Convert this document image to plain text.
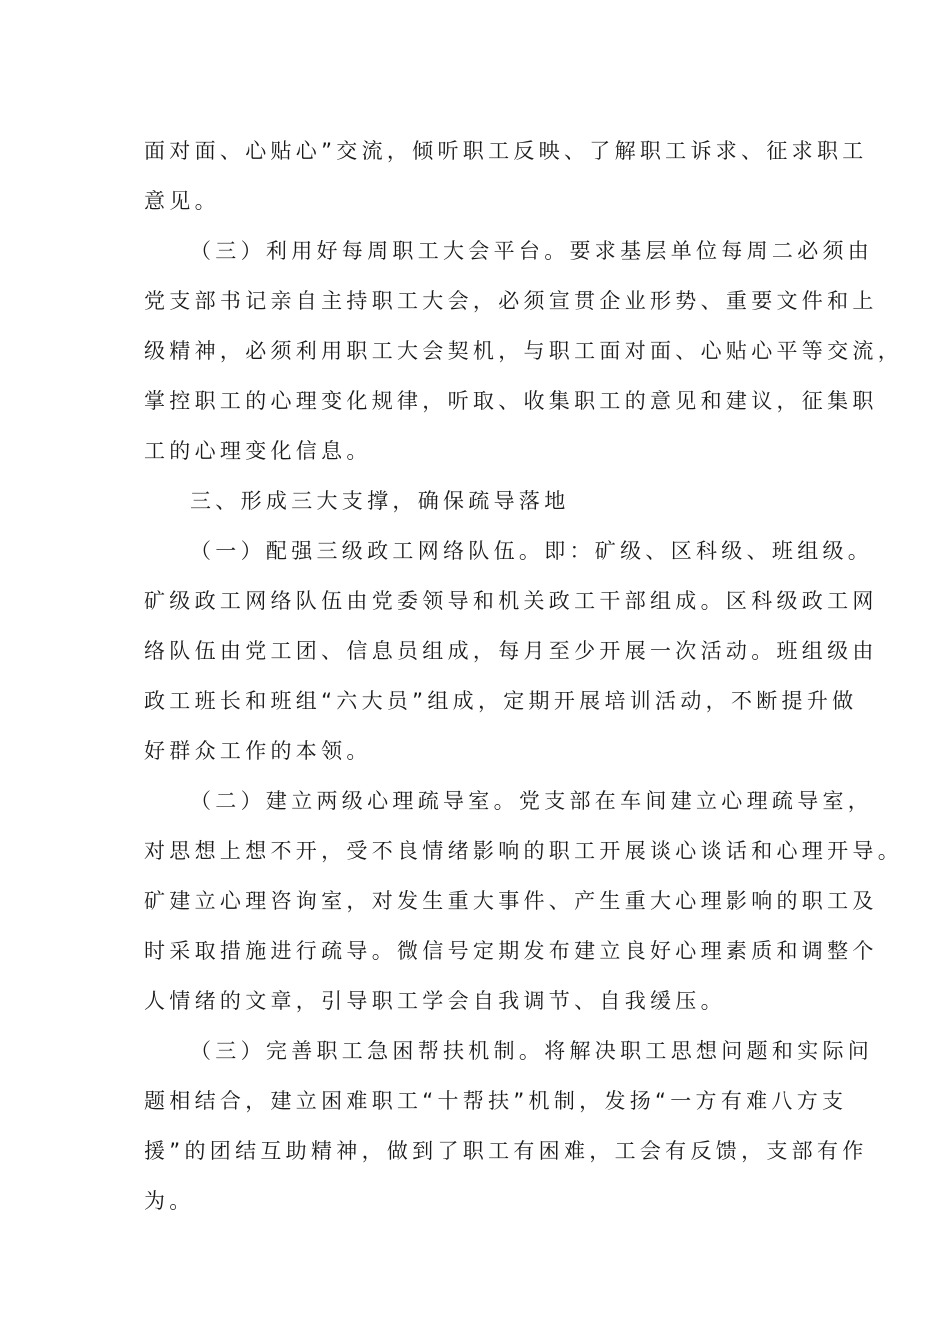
面对面、心贴心”交流，倾听职工反映、了解职工诉求、征求职工
意见。
（三）利用好每周职工大会平台。要求基层单位每周二必须由
党支部书记亲自主持职工大会，必须宣贯企业形势、重要文件和上
级精神，必须利用职工大会契机，与职工面对面、心贴心平等交流，
掌控职工的心理变化规律，听取、收集职工的意见和建议，征集职
工的心理变化信息。
三、形成三大支撑，确保疏导落地
（一）配强三级政工网络队伍。即：矿级、区科级、班组级。
矿级政工网络队伍由党委领导和机关政工干部组成。区科级政工网
络队伍由党工团、信息员组成，每月至少开展一次活动。班组级由
政工班长和班组“六大员”组成，定期开展培训活动，不断提升做
好群众工作的本领。
（二）建立两级心理疏导室。党支部在车间建立心理疏导室，
对思想上想不开，受不良情绪影响的职工开展谈心谈话和心理开导。
矿建立心理咨询室，对发生重大事件、产生重大心理影响的职工及
时采取措施进行疏导。微信号定期发布建立良好心理素质和调整个
人情绪的文章，引导职工学会自我调节、自我缓压。
（三）完善职工急困帮扶机制。将解决职工思想问题和实际问
题相结合，建立困难职工“十帮扶”机制，发扬“一方有难八方支
援”的团结互助精神，做到了职工有困难，工会有反馈，支部有作
为。
